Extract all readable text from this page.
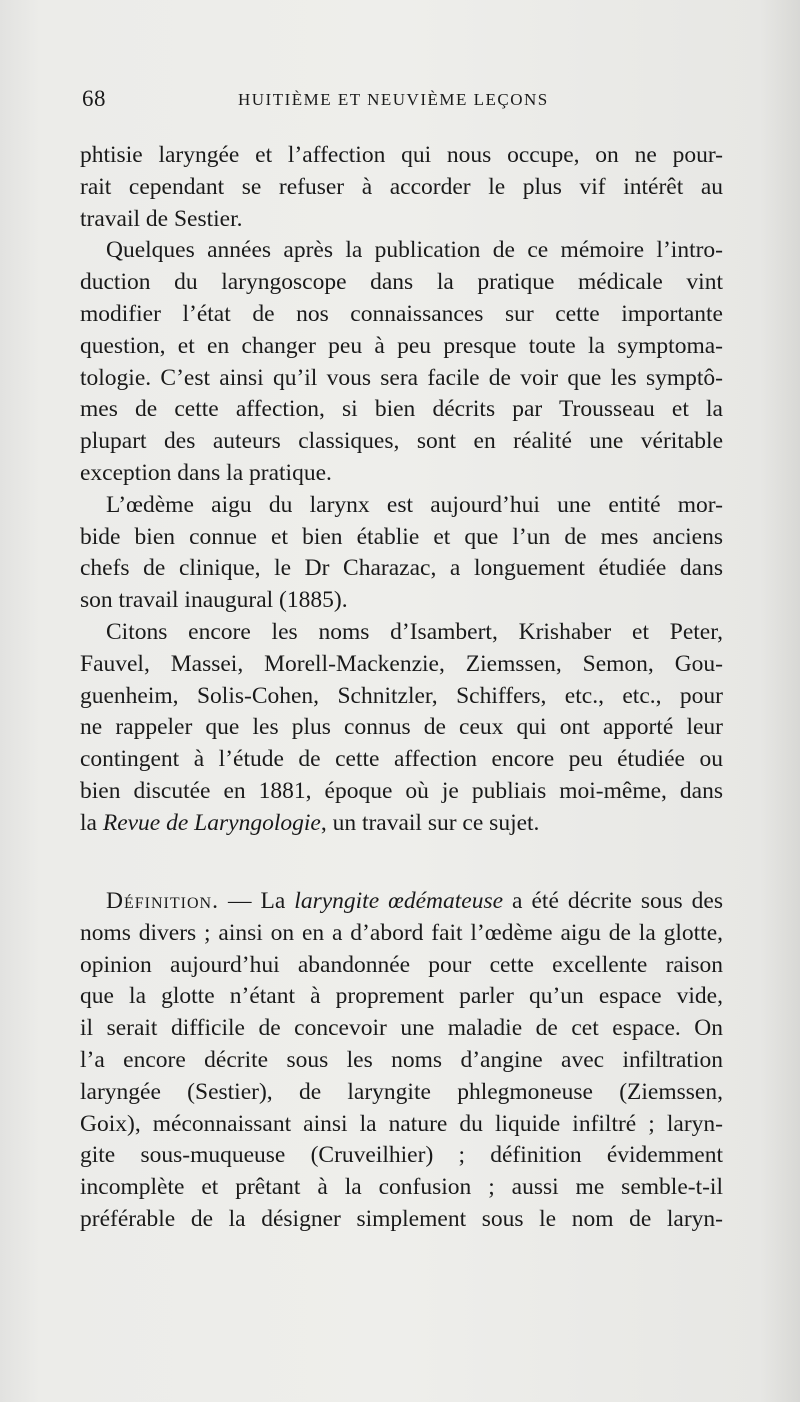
68	HUITIÈME ET NEUVIÈME LEÇONS
phtisie laryngée et l’affection qui nous occupe, on ne pour-
rait cependant se refuser à accorder le plus vif intérêt au
travail de Sestier.
Quelques années après la publication de ce mémoire l’intro-
duction du laryngoscope dans la pratique médicale vint
modifier l’état de nos connaissances sur cette importante
question, et en changer peu à peu presque toute la symptoma-
tologie. C’est ainsi qu’il vous sera facile de voir que les symptô-
mes de cette affection, si bien décrits par Trousseau et la
plupart des auteurs classiques, sont en réalité une véritable
exception dans la pratique.
L’œdème aigu du larynx est aujourd’hui une entité mor-
bide bien connue et bien établie et que l’un de mes anciens
chefs de clinique, le Dr Charazac, a longuement étudiée dans
son travail inaugural (1885).
Citons encore les noms d’Isambert, Krishaber et Peter,
Fauvel, Massei, Morell-Mackenzie, Ziemssen, Semon, Gou-
guenheim, Solis-Cohen, Schnitzler, Schiffers, etc., etc., pour
ne rappeler que les plus connus de ceux qui ont apporté leur
contingent à l’étude de cette affection encore peu étudiée ou
bien discutée en 1881, époque où je publiais moi-même, dans
la Revue de Laryngologie, un travail sur ce sujet.
Définition. — La laryngite œdémateuse a été décrite sous des
noms divers ; ainsi on en a d’abord fait l’œdème aigu de la glotte,
opinion aujourd’hui abandonnée pour cette excellente raison
que la glotte n’étant à proprement parler qu’un espace vide,
il serait difficile de concevoir une maladie de cet espace. On
l’a encore décrite sous les noms d’angine avec infiltration
laryngée (Sestier), de laryngite phlegmoneuse (Ziemssen,
Goix), méconnaissant ainsi la nature du liquide infiltré ; laryn-
gite sous-muqueuse (Cruveilhier) ; définition évidemment
incomplète et prêtant à la confusion ; aussi me semble-t-il
préférable de la désigner simplement sous le nom de laryn-
